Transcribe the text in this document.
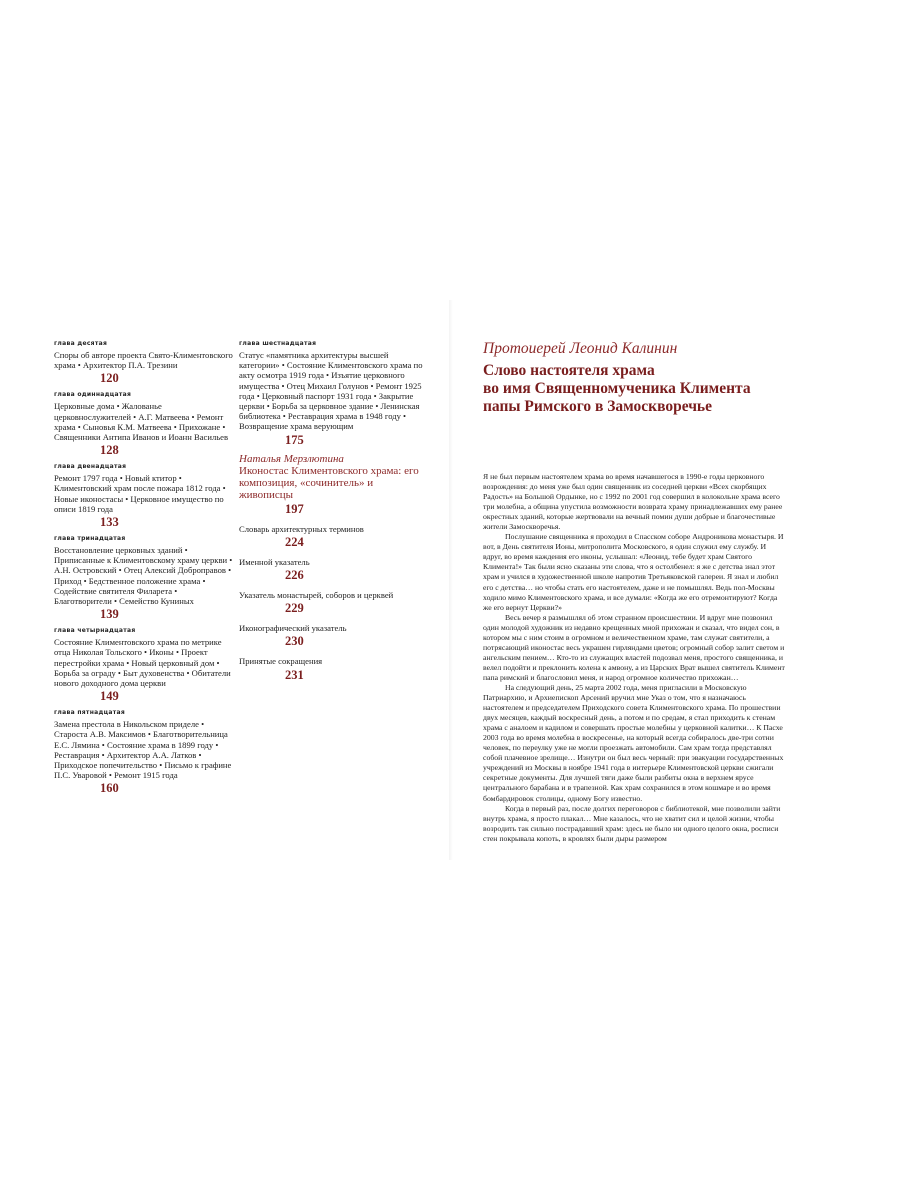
глава десятая

Споры об авторе проекта Свято-Климентовского храма • Архитектор П.А. Трезини

120
глава одиннадцатая

Церковные дома • Жалованье церковнослужителей • А.Г. Матвеева • Ремонт храма • Сыновья К.М. Матвеева • Прихожане • Священники Антипа Иванов и Иоанн Васильев

128
глава двенадцатая

Ремонт 1797 года • Новый ктитор • Климентовский храм после пожара 1812 года • Новые иконостасы • Церковное имущество по описи 1819 года

133
глава тринадцатая

Восстановление церковных зданий • Приписанные к Климентовскому храму церкви • А.Н. Островский • Отец Алексий Доброправов • Приход • Бедственное положение храма • Содействие святителя Филарета • Благотворители • Семейство Куниных

139
глава четырнадцатая

Состояние Климентовского храма по метрике отца Николая Тольского • Иконы • Проект перестройки храма • Новый церковный дом • Борьба за ограду • Быт духовенства • Обитатели нового доходного дома церкви

149
глава пятнадцатая

Замена престола в Никольском приделе • Староста А.В. Максимов • Благотворительница Е.С. Лямина • Состояние храма в 1899 году • Реставрация • Архитектор А.А. Латков • Приходское попечительство • Письмо к графине П.С. Уваровой • Ремонт 1915 года

160
глава шестнадцатая

Статус «памятника архитектуры высшей категории» • Состояние Климентовского храма по акту осмотра 1919 года • Изъятие церковного имущества • Отец Михаил Голунов • Ремонт 1925 года • Церковный паспорт 1931 года • Закрытие церкви • Борьба за церковное здание • Ленинская библиотека • Реставрация храма в 1948 году • Возвращение храма верующим

175

Наталья Мерзлютина

Иконостас Климентовского храма: его композиция, «сочинитель» и живописцы

197

Словарь архитектурных терминов

224

Именной указатель

226

Указатель монастырей, соборов и церквей

229

Иконографический указатель

230

Принятые сокращения

231

Протоиерей Леонид Калинин

Слово настоятеля храма

во имя Священномученика Климента

папы Римского в Замоскворечье

Я не был первым настоятелем храма во время начавшегося в 1990-е годы церковного возрождения: до меня уже был один священник из соседней церкви «Всех скорбящих Радость» на Большой Ордынке, но с 1992 по 2001 год совершил в колокольне храма всего три молебна, а община упустила возможности возврата храму принадлежавших ему ранее окрестных зданий, которые жертвовали на вечный помин души добрые и благочестивые жители Замоскворечья.

Послушание священника я проходил в Спасском соборе Андроникова монастыря. И вот, в День святителя Ионы, митрополита Московского, я один служил ему службу. И вдруг, во время каждения его иконы, услышал: «Леонид, тебе будет храм Святого Климента!» Так были ясно сказаны эти слова, что я остолбенел: я же с детства знал этот храм и учился в художественной школе напротив Третьяковской галереи. Я знал и любил его с детства… но чтобы стать его настоятелем, даже и не помышлял. Ведь пол-Москвы ходило мимо Климентовского храма, и все думали: «Когда же его отремонтируют? Когда же его вернут Церкви?»

Весь вечер я размышлял об этом странном происшествии. И вдруг мне позвонил один молодой художник из недавно крещенных мной прихожан и сказал, что видел сон, в котором мы с ним стоим в огромном и величественном храме, там служат святители, а потрясающий иконостас весь украшен гирляндами цветов; огромный собор залит светом и ангельским пением… Кто-то из служащих властей подозвал меня, простого священника, и велел подойти и преклонить колена к амвону, а из Царских Врат вышел святитель Климент папа римский и благословил меня, и народ огромное количество прихожан…

На следующий день, 25 марта 2002 года, меня пригласили в Московскую Патриархию, и Архиепископ Арсений вручил мне Указ о том, что я назначаюсь настоятелем и председателем Приходского совета Климентовского храма. По прошествии двух месяцев, каждый воскресный день, а потом и по средам, я стал приходить к стенам храма с аналоем и кадилом и совершать простые молебны у церковной калитки… К Пасхе 2003 года во время молебна в воскресенье, на который всегда собиралось две-три сотни человек, по переулку уже не могли проезжать автомобили. Сам храм тогда представлял собой плачевное зрелище… Изнутри он был весь черный: при эвакуации государственных учреждений из Москвы в ноябре 1941 года в интерьере Климентовской церкви сжигали секретные документы. Для лучшей тяги даже были разбиты окна в верхнем ярусе центрального барабана и в трапезной. Как храм сохранился в этом кошмаре и во время бомбардировок столицы, одному Богу известно.

Когда в первый раз, после долгих переговоров с библиотекой, мне позволили зайти внутрь храма, я просто плакал… Мне казалось, что не хватит сил и целой жизни, чтобы возродить так сильно пострадавший храм: здесь не было ни одного целого окна, росписи стен покрывала копоть, в кровлях были дыры размером
